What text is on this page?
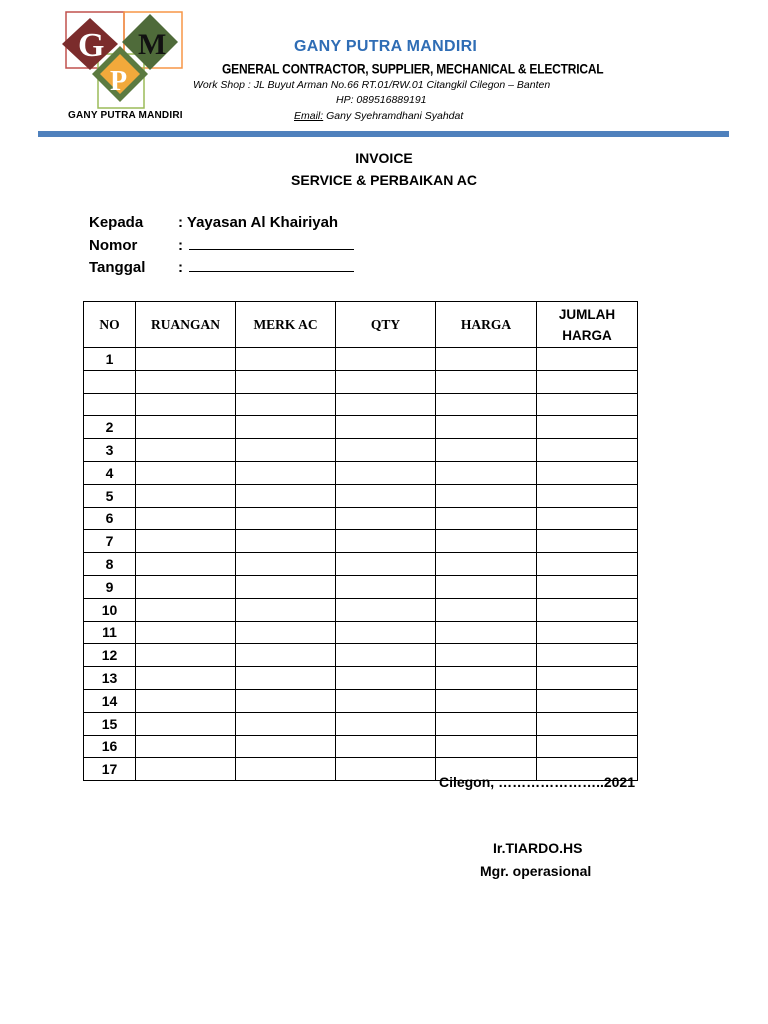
G
P
M
GANY PUTRA MANDIRI
GANY PUTRA MANDIRI
GENERAL CONTRACTOR, SUPPLIER, MECHANICAL & ELECTRICAL
Work Shop : JL Buyut Arman No.66 RT.01/RW.01 Citangkil Cilegon – Banten
HP: 089516889191
Email: Gany Syehramdhani Syahdat
INVOICE
SERVICE & PERBAIKAN AC
Kepada : Yayasan Al Khairiyah
Nomor	:
Tanggal :
NO	RUANGAN	MERK AC	QTY	HARGA	JUMLAH HARGA
1					

2					
3					
4					
5					
6					
7					
8					
9					
10					
11					
12					
13					
14					
15					
16					
17					
Cilegon, …………………..2021
Ir.TIARDO.HS
Mgr. operasional
